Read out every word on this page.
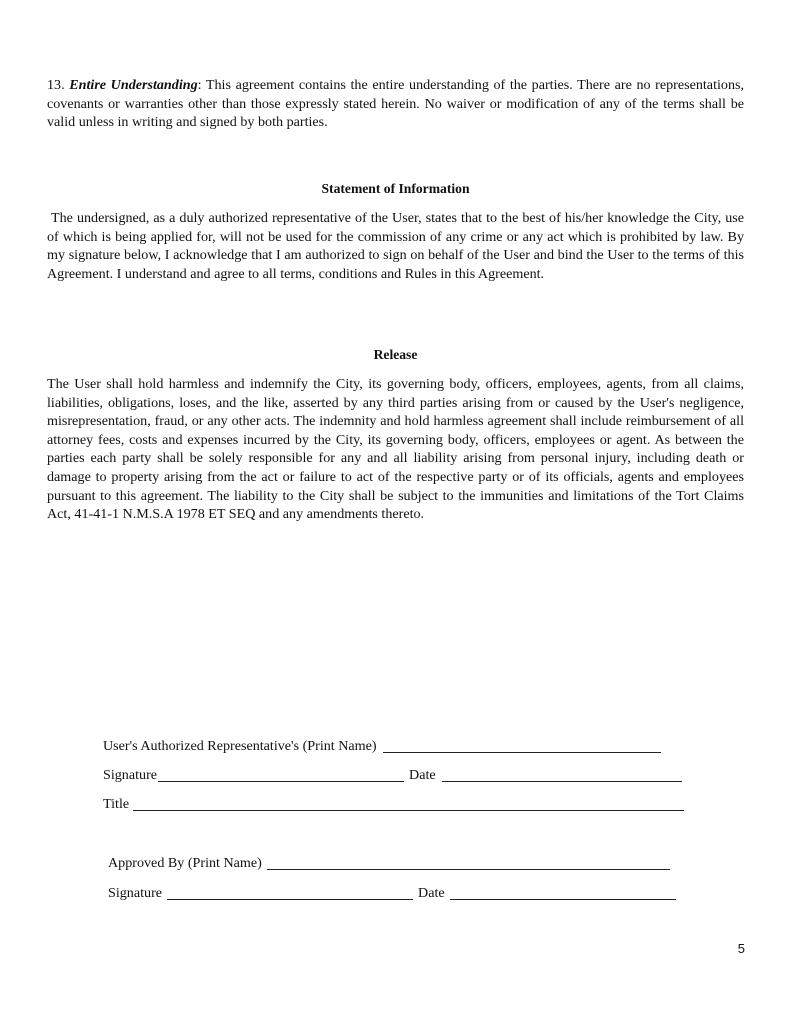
13. Entire Understanding: This agreement contains the entire understanding of the parties. There are no representations, covenants or warranties other than those expressly stated herein. No waiver or modification of any of the terms shall be valid unless in writing and signed by both parties.

Statement of Information

The undersigned, as a duly authorized representative of the User, states that to the best of his/her knowledge the City, use of which is being applied for, will not be used for the commission of any crime or any act which is prohibited by law. By my signature below, I acknowledge that I am authorized to sign on behalf of the User and bind the User to the terms of this Agreement. I understand and agree to all terms, conditions and Rules in this Agreement.

Release

The User shall hold harmless and indemnify the City, its governing body, officers, employees, agents, from all claims, liabilities, obligations, loses, and the like, asserted by any third parties arising from or caused by the User's negligence, misrepresentation, fraud, or any other acts. The indemnity and hold harmless agreement shall include reimbursement of all attorney fees, costs and expenses incurred by the City, its governing body, officers, employees or agent. As between the parties each party shall be solely responsible for any and all liability arising from personal injury, including death or damage to property arising from the act or failure to act of the respective party or of its officials, agents and employees pursuant to this agreement. The liability to the City shall be subject to the immunities and limitations of the Tort Claims Act, 41-41-1 N.M.S.A 1978 ET SEQ and any amendments thereto.

User's Authorized Representative's (Print Name)
Signature	Date
Title
Approved By (Print Name)
Signature	Date
5
